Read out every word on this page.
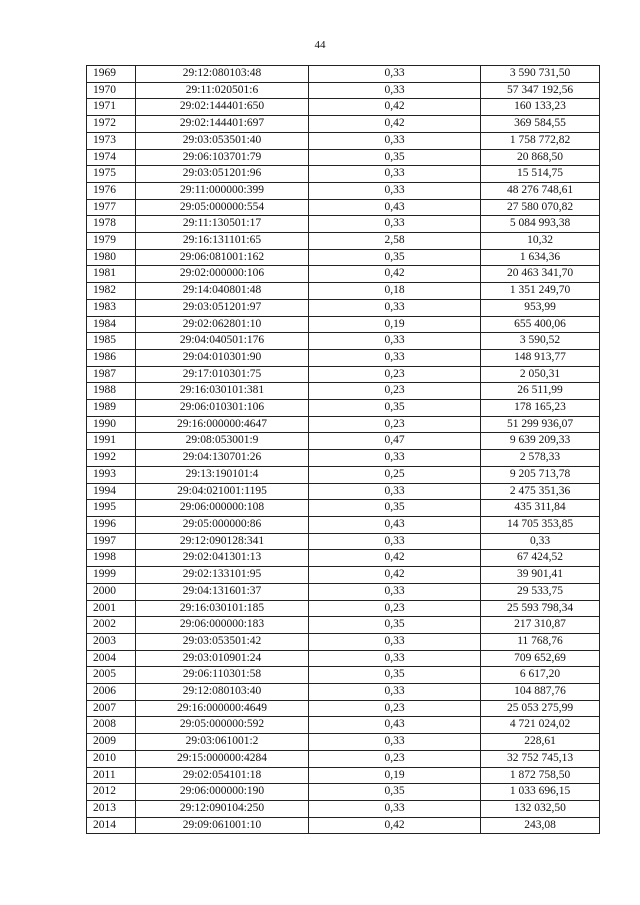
44
1969	29:12:080103:48	0,33	3 590 731,50
1970	29:11:020501:6	0,33	57 347 192,56
1971	29:02:144401:650	0,42	160 133,23
1972	29:02:144401:697	0,42	369 584,55
1973	29:03:053501:40	0,33	1 758 772,82
1974	29:06:103701:79	0,35	20 868,50
1975	29:03:051201:96	0,33	15 514,75
1976	29:11:000000:399	0,33	48 276 748,61
1977	29:05:000000:554	0,43	27 580 070,82
1978	29:11:130501:17	0,33	5 084 993,38
1979	29:16:131101:65	2,58	10,32
1980	29:06:081001:162	0,35	1 634,36
1981	29:02:000000:106	0,42	20 463 341,70
1982	29:14:040801:48	0,18	1 351 249,70
1983	29:03:051201:97	0,33	953,99
1984	29:02:062801:10	0,19	655 400,06
1985	29:04:040501:176	0,33	3 590,52
1986	29:04:010301:90	0,33	148 913,77
1987	29:17:010301:75	0,23	2 050,31
1988	29:16:030101:381	0,23	26 511,99
1989	29:06:010301:106	0,35	178 165,23
1990	29:16:000000:4647	0,23	51 299 936,07
1991	29:08:053001:9	0,47	9 639 209,33
1992	29:04:130701:26	0,33	2 578,33
1993	29:13:190101:4	0,25	9 205 713,78
1994	29:04:021001:1195	0,33	2 475 351,36
1995	29:06:000000:108	0,35	435 311,84
1996	29:05:000000:86	0,43	14 705 353,85
1997	29:12:090128:341	0,33	0,33
1998	29:02:041301:13	0,42	67 424,52
1999	29:02:133101:95	0,42	39 901,41
2000	29:04:131601:37	0,33	29 533,75
2001	29:16:030101:185	0,23	25 593 798,34
2002	29:06:000000:183	0,35	217 310,87
2003	29:03:053501:42	0,33	11 768,76
2004	29:03:010901:24	0,33	709 652,69
2005	29:06:110301:58	0,35	6 617,20
2006	29:12:080103:40	0,33	104 887,76
2007	29:16:000000:4649	0,23	25 053 275,99
2008	29:05:000000:592	0,43	4 721 024,02
2009	29:03:061001:2	0,33	228,61
2010	29:15:000000:4284	0,23	32 752 745,13
2011	29:02:054101:18	0,19	1 872 758,50
2012	29:06:000000:190	0,35	1 033 696,15
2013	29:12:090104:250	0,33	132 032,50
2014	29:09:061001:10	0,42	243,08
